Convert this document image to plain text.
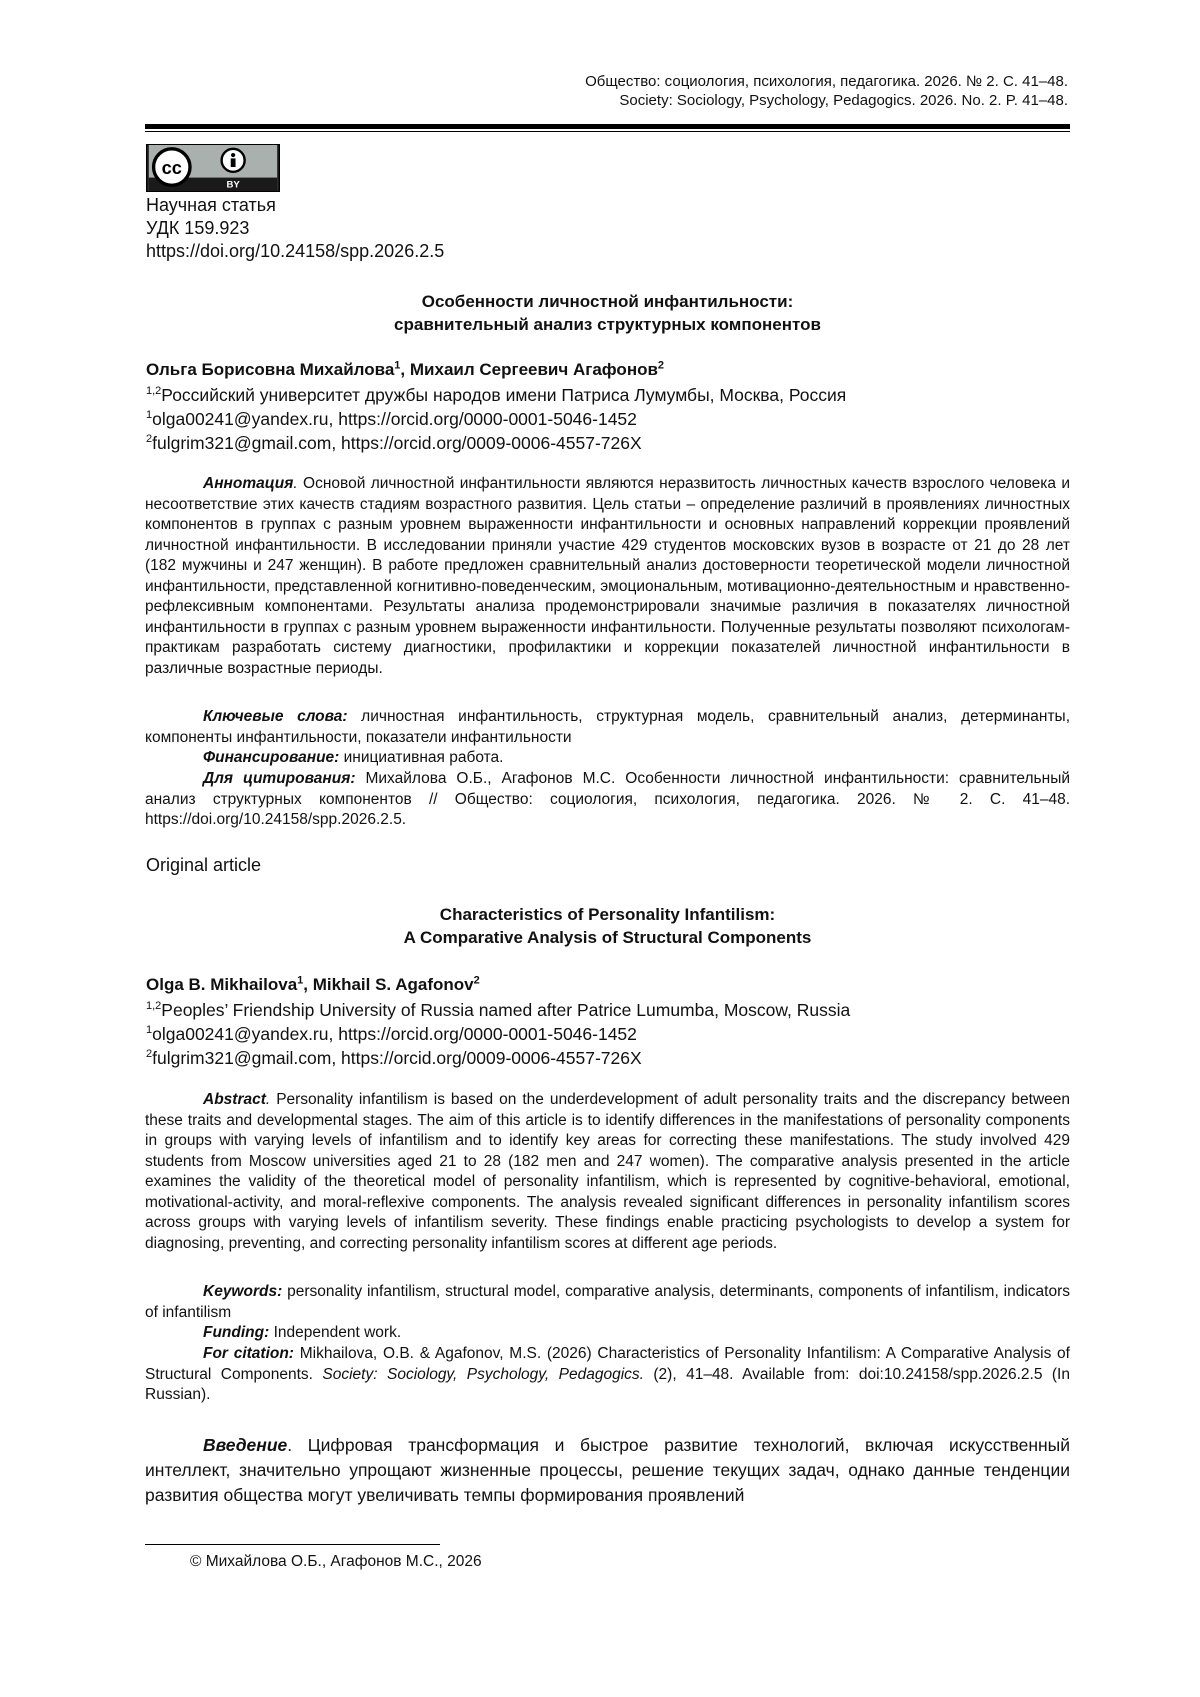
Общество: социология, психология, педагогика. 2026. № 2. С. 41–48.
Society: Sociology, Psychology, Pedagogics. 2026. No. 2. P. 41–48.
cc
BY
Научная статья
УДК 159.923
https://doi.org/10.24158/spp.2026.2.5
Особенности личностной инфантильности:
сравнительный анализ структурных компонентов
Ольга Борисовна Михайлова$^1$, Михаил Сергеевич Агафонов$^2$
$^{1,2}$Российский университет дружбы народов имени Патриса Лумумбы, Москва, Россия
$^1$olga00241@yandex.ru, https://orcid.org/0000-0001-5046-1452
$^2$fulgrim321@gmail.com, https://orcid.org/0009-0006-4557-726X
Аннотация. Основой личностной инфантильности являются неразвитость личностных качеств взрослого человека и несоответствие этих качеств стадиям возрастного развития. Цель статьи – определение различий в проявлениях личностных компонентов в группах с разным уровнем выраженности инфантильности и основных направлений коррекции проявлений личностной инфантильности. В исследовании приняли участие 429 студентов московских вузов в возрасте от 21 до 28 лет (182 мужчины и 247 женщин). В работе предложен сравнительный анализ достоверности теоретической модели личностной инфантильности, представленной когнитивно-поведенческим, эмоциональным, мотивационно-деятельностным и нравственно-рефлексивным компонентами. Результаты анализа продемонстрировали значимые различия в показателях личностной инфантильности в группах с разным уровнем выраженности инфантильности. Полученные результаты позволяют психологам-практикам разработать систему диагностики, профилактики и коррекции показателей личностной инфантильности в различные возрастные периоды.
Ключевые слова: личностная инфантильность, структурная модель, сравнительный анализ, детерминанты, компоненты инфантильности, показатели инфантильности
Финансирование: инициативная работа.
Для цитирования: Михайлова О.Б., Агафонов М.С. Особенности личностной инфантильности: сравнительный анализ структурных компонентов // Общество: социология, психология, педагогика. 2026. № 2. С. 41–48. https://doi.org/10.24158/spp.2026.2.5.
Original article
Characteristics of Personality Infantilism:
A Comparative Analysis of Structural Components
Olga B. Mikhailova$^1$, Mikhail S. Agafonov$^2$
$^{1,2}$Peoples’ Friendship University of Russia named after Patrice Lumumba, Moscow, Russia
$^1$olga00241@yandex.ru, https://orcid.org/0000-0001-5046-1452
$^2$fulgrim321@gmail.com, https://orcid.org/0009-0006-4557-726X
Abstract. Personality infantilism is based on the underdevelopment of adult personality traits and the discrepancy between these traits and developmental stages. The aim of this article is to identify differences in the manifestations of personality components in groups with varying levels of infantilism and to identify key areas for correcting these manifestations. The study involved 429 students from Moscow universities aged 21 to 28 (182 men and 247 women). The comparative analysis presented in the article examines the validity of the theoretical model of personality infantilism, which is represented by cognitive-behavioral, emotional, motivational-activity, and moral-reflexive components. The analysis revealed significant differences in personality infantilism scores across groups with varying levels of infantilism severity. These findings enable practicing psychologists to develop a system for diagnosing, preventing, and correcting personality infantilism scores at different age periods.
Keywords: personality infantilism, structural model, comparative analysis, determinants, components of infantilism, indicators of infantilism
Funding: Independent work.
For citation: Mikhailova, O.B. & Agafonov, M.S. (2026) Characteristics of Personality Infantilism: A Comparative Analysis of Structural Components. Society: Sociology, Psychology, Pedagogics. (2), 41–48. Available from: doi:10.24158/spp.2026.2.5 (In Russian).
Введение. Цифровая трансформация и быстрое развитие технологий, включая искусственный интеллект, значительно упрощают жизненные процессы, решение текущих задач, однако данные тенденции развития общества могут увеличивать темпы формирования проявлений
© Михайлова О.Б., Агафонов М.С., 2026
